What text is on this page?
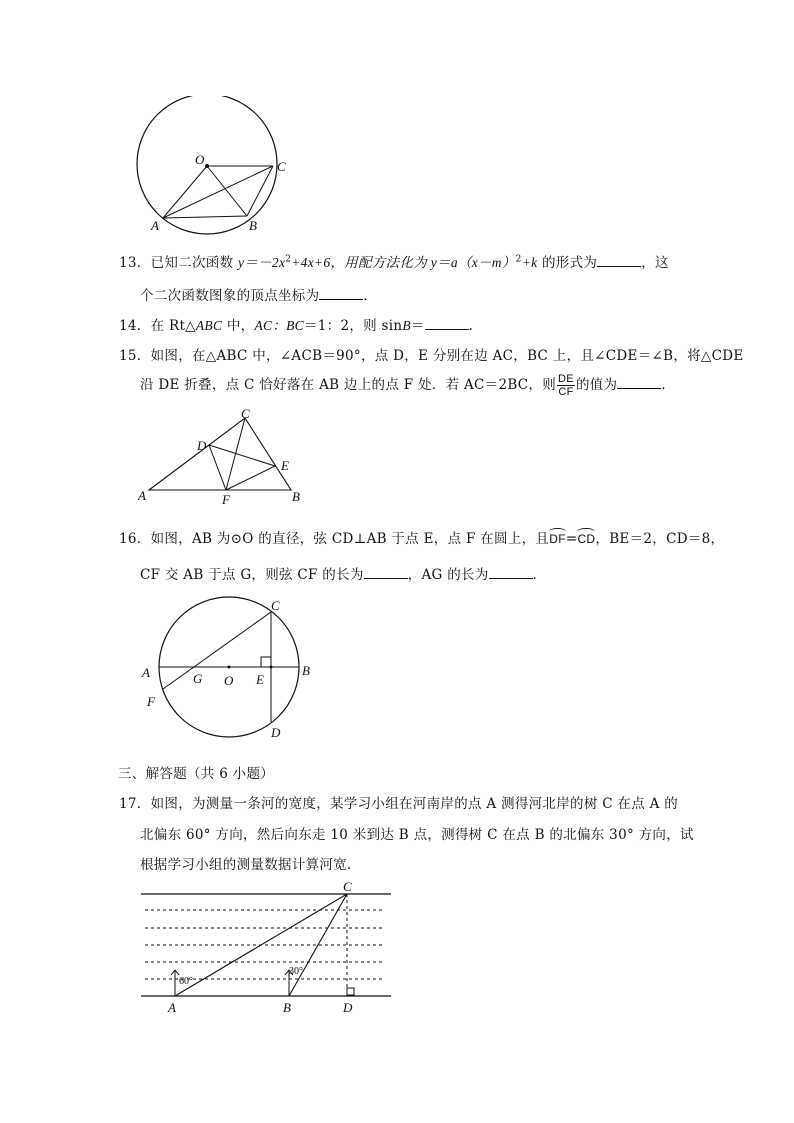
O	C
A	B
13．已知二次函数 $y=-2x^2+4x+6$，用配方法化为 $y=a(x-m)^2+k$ 的形式为	，这
个二次函数图象的顶点坐标为	．
14．在 Rt△ABC 中，AC：BC＝1：2，则 sinB＝	．
15．如图，在△ABC 中，∠ACB＝90°，点 D，E 分别在边 AC，BC 上，且∠CDE＝∠B，将△CDE
沿 DE 折叠，点 C 恰好落在 AB 边上的点 F 处．若 AC＝2BC，则 $\frac{DE}{CF}$ 的值为	．
C
D
E
A	F	B
16．如图，AB 为⊙O 的直径，弦 CD⊥AB 于点 E，点 F 在圆上，且DF=CD，BE＝2，CD＝8，
CF 交 AB 于点 G，则弦 CF 的长为	，AG 的长为	．
C
A	G O E
B
F
D
三、解答题（共 6 小题）
17．如图，为测量一条河的宽度，某学习小组在河南岸的点 A 测得河北岸的树 C 在点 A 的
北偏东 60° 方向，然后向东走 10 米到达 B 点，测得树 C 在点 B 的北偏东 30° 方向，试
根据学习小组的测量数据计算河宽．
C
A	B	D
60°
30°
